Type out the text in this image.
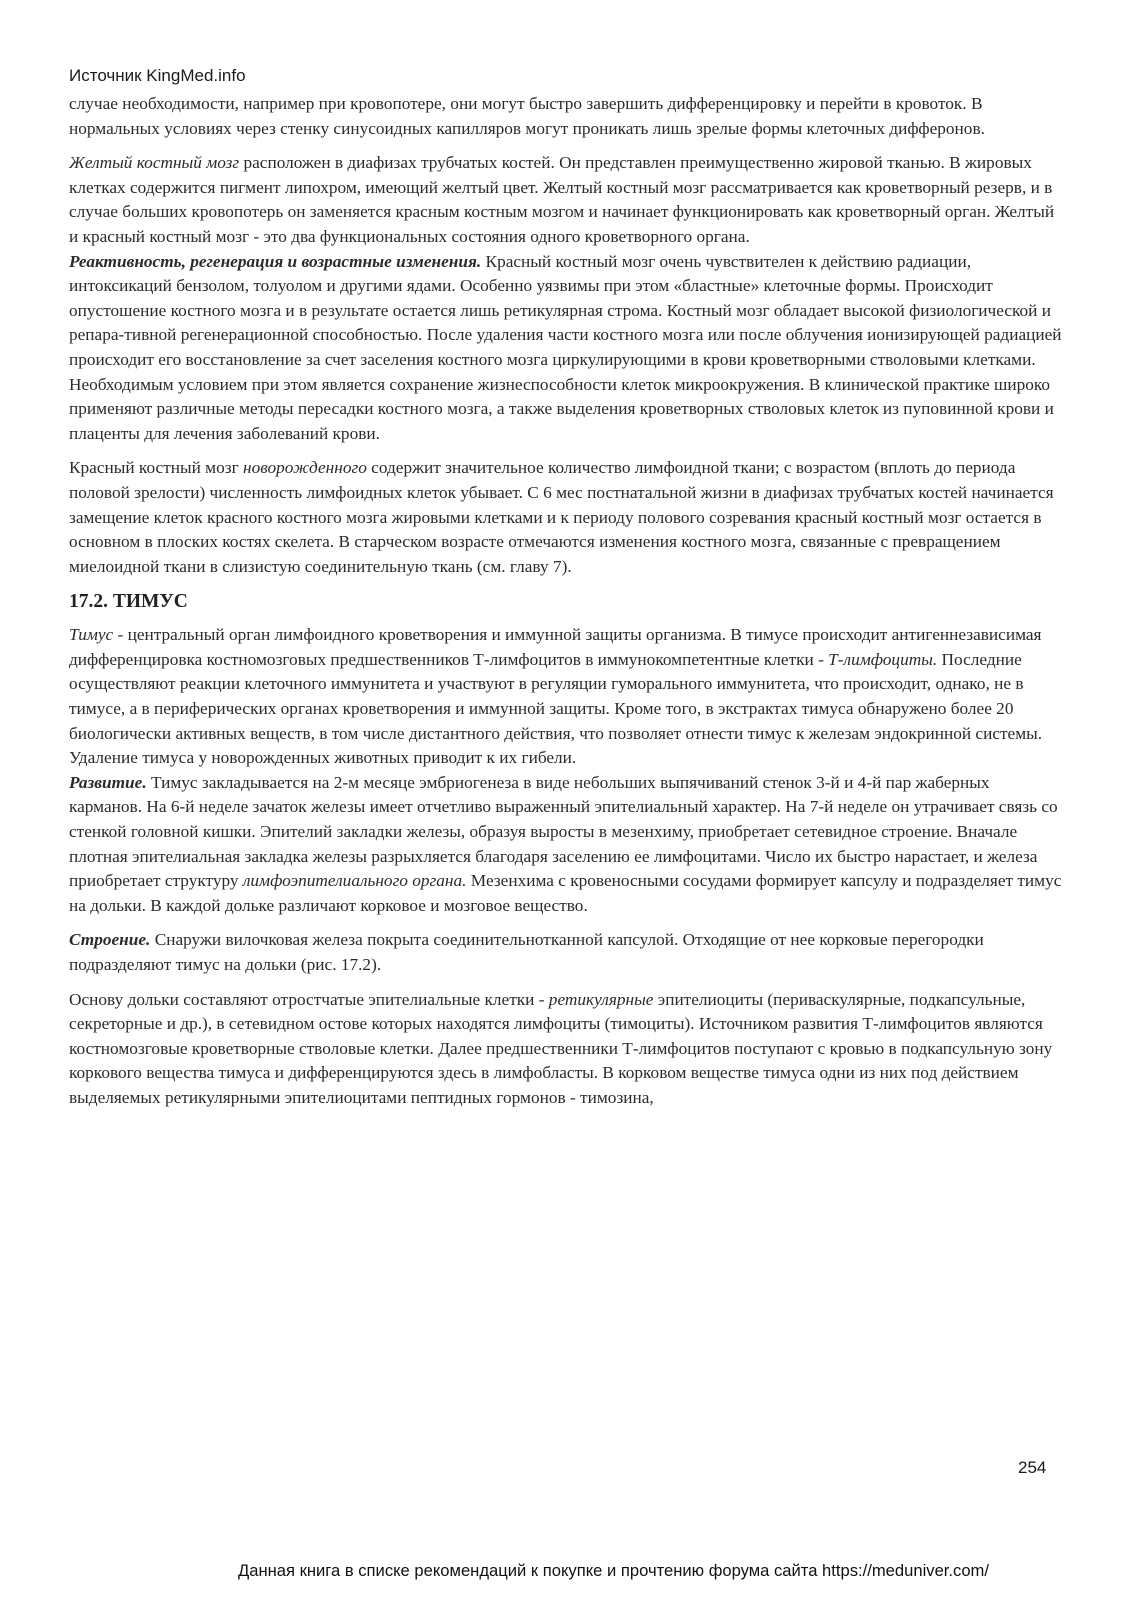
Источник KingMed.info

случае необходимости, например при кровопотере, они могут быстро завершить дифференцировку и перейти в кровоток. В нормальных условиях через стенку синусоидных капилляров могут проникать лишь зрелые формы клеточных дифферонов.

Желтый костный мозг расположен в диафизах трубчатых костей. Он представлен преимущественно жировой тканью. В жировых клетках содержится пигмент липохром, имеющий желтый цвет. Желтый костный мозг рассматривается как кроветворный резерв, и в случае больших кровопотерь он заменяется красным костным мозгом и начинает функционировать как кроветворный орган. Желтый и красный костный мозг - это два функциональных состояния одного кроветворного органа.

Реактивность, регенерация и возрастные изменения. Красный костный мозг очень чувствителен к действию радиации, интоксикаций бензолом, толуолом и другими ядами. Особенно уязвимы при этом «бластные» клеточные формы. Происходит опустошение костного мозга и в результате остается лишь ретикулярная строма. Костный мозг обладает высокой физиологической и репара-тивной регенерационной способностью. После удаления части костного мозга или после облучения ионизирующей радиацией происходит его восстановление за счет заселения костного мозга циркулирующими в крови кроветворными стволовыми клетками. Необходимым условием при этом является сохранение жизнеспособности клеток микроокружения. В клинической практике широко применяют различные методы пересадки костного мозга, а также выделения кроветворных стволовых клеток из пуповинной крови и плаценты для лечения заболеваний крови.

Красный костный мозг новорожденного содержит значительное количество лимфоидной ткани; с возрастом (вплоть до периода половой зрелости) численность лимфоидных клеток убывает. С 6 мес постнатальной жизни в диафизах трубчатых костей начинается замещение клеток красного костного мозга жировыми клетками и к периоду полового созревания красный костный мозг остается в основном в плоских костях скелета. В старческом возрасте отмечаются изменения костного мозга, связанные с превращением миелоидной ткани в слизистую соединительную ткань (см. главу 7).

17.2. ТИМУС

Тимус - центральный орган лимфоидного кроветворения и иммунной защиты организма. В тимусе происходит антигеннезависимая дифференцировка костномозговых предшественников Т-лимфоцитов в иммунокомпетентные клетки - Т-лимфоциты. Последние осуществляют реакции клеточного иммунитета и участвуют в регуляции гуморального иммунитета, что происходит, однако, не в тимусе, а в периферических органах кроветворения и иммунной защиты. Кроме того, в экстрактах тимуса обнаружено более 20 биологически активных веществ, в том числе дистантного действия, что позволяет отнести тимус к железам эндокринной системы. Удаление тимуса у новорожденных животных приводит к их гибели.

Развитие. Тимус закладывается на 2-м месяце эмбриогенеза в виде небольших выпячиваний стенок 3-й и 4-й пар жаберных карманов. На 6-й неделе зачаток железы имеет отчетливо выраженный эпителиальный характер. На 7-й неделе он утрачивает связь со стенкой головной кишки. Эпителий закладки железы, образуя выросты в мезенхиму, приобретает сетевидное строение. Вначале плотная эпителиальная закладка железы разрыхляется благодаря заселению ее лимфоцитами. Число их быстро нарастает, и железа приобретает структуру лимфоэпителиального органа. Мезенхима с кровеносными сосудами формирует капсулу и подразделяет тимус на дольки. В каждой дольке различают корковое и мозговое вещество.

Строение. Снаружи вилочковая железа покрыта соединительнотканной капсулой. Отходящие от нее корковые перегородки подразделяют тимус на дольки (рис. 17.2).

Основу дольки составляют отростчатые эпителиальные клетки - ретикулярные эпителиоциты (периваскулярные, подкапсульные, секреторные и др.), в сетевидном остове которых находятся лимфоциты (тимоциты). Источником развития Т-лимфоцитов являются костномозговые кроветворные стволовые клетки. Далее предшественники Т-лимфоцитов поступают с кровью в подкапсульную зону коркового вещества тимуса и дифференцируются здесь в лимфобласты. В корковом веществе тимуса одни из них под действием выделяемых ретикулярными эпителиоцитами пептидных гормонов - тимозина,

254
Данная книга в списке рекомендаций к покупке и прочтению форума сайта https://meduniver.com/
